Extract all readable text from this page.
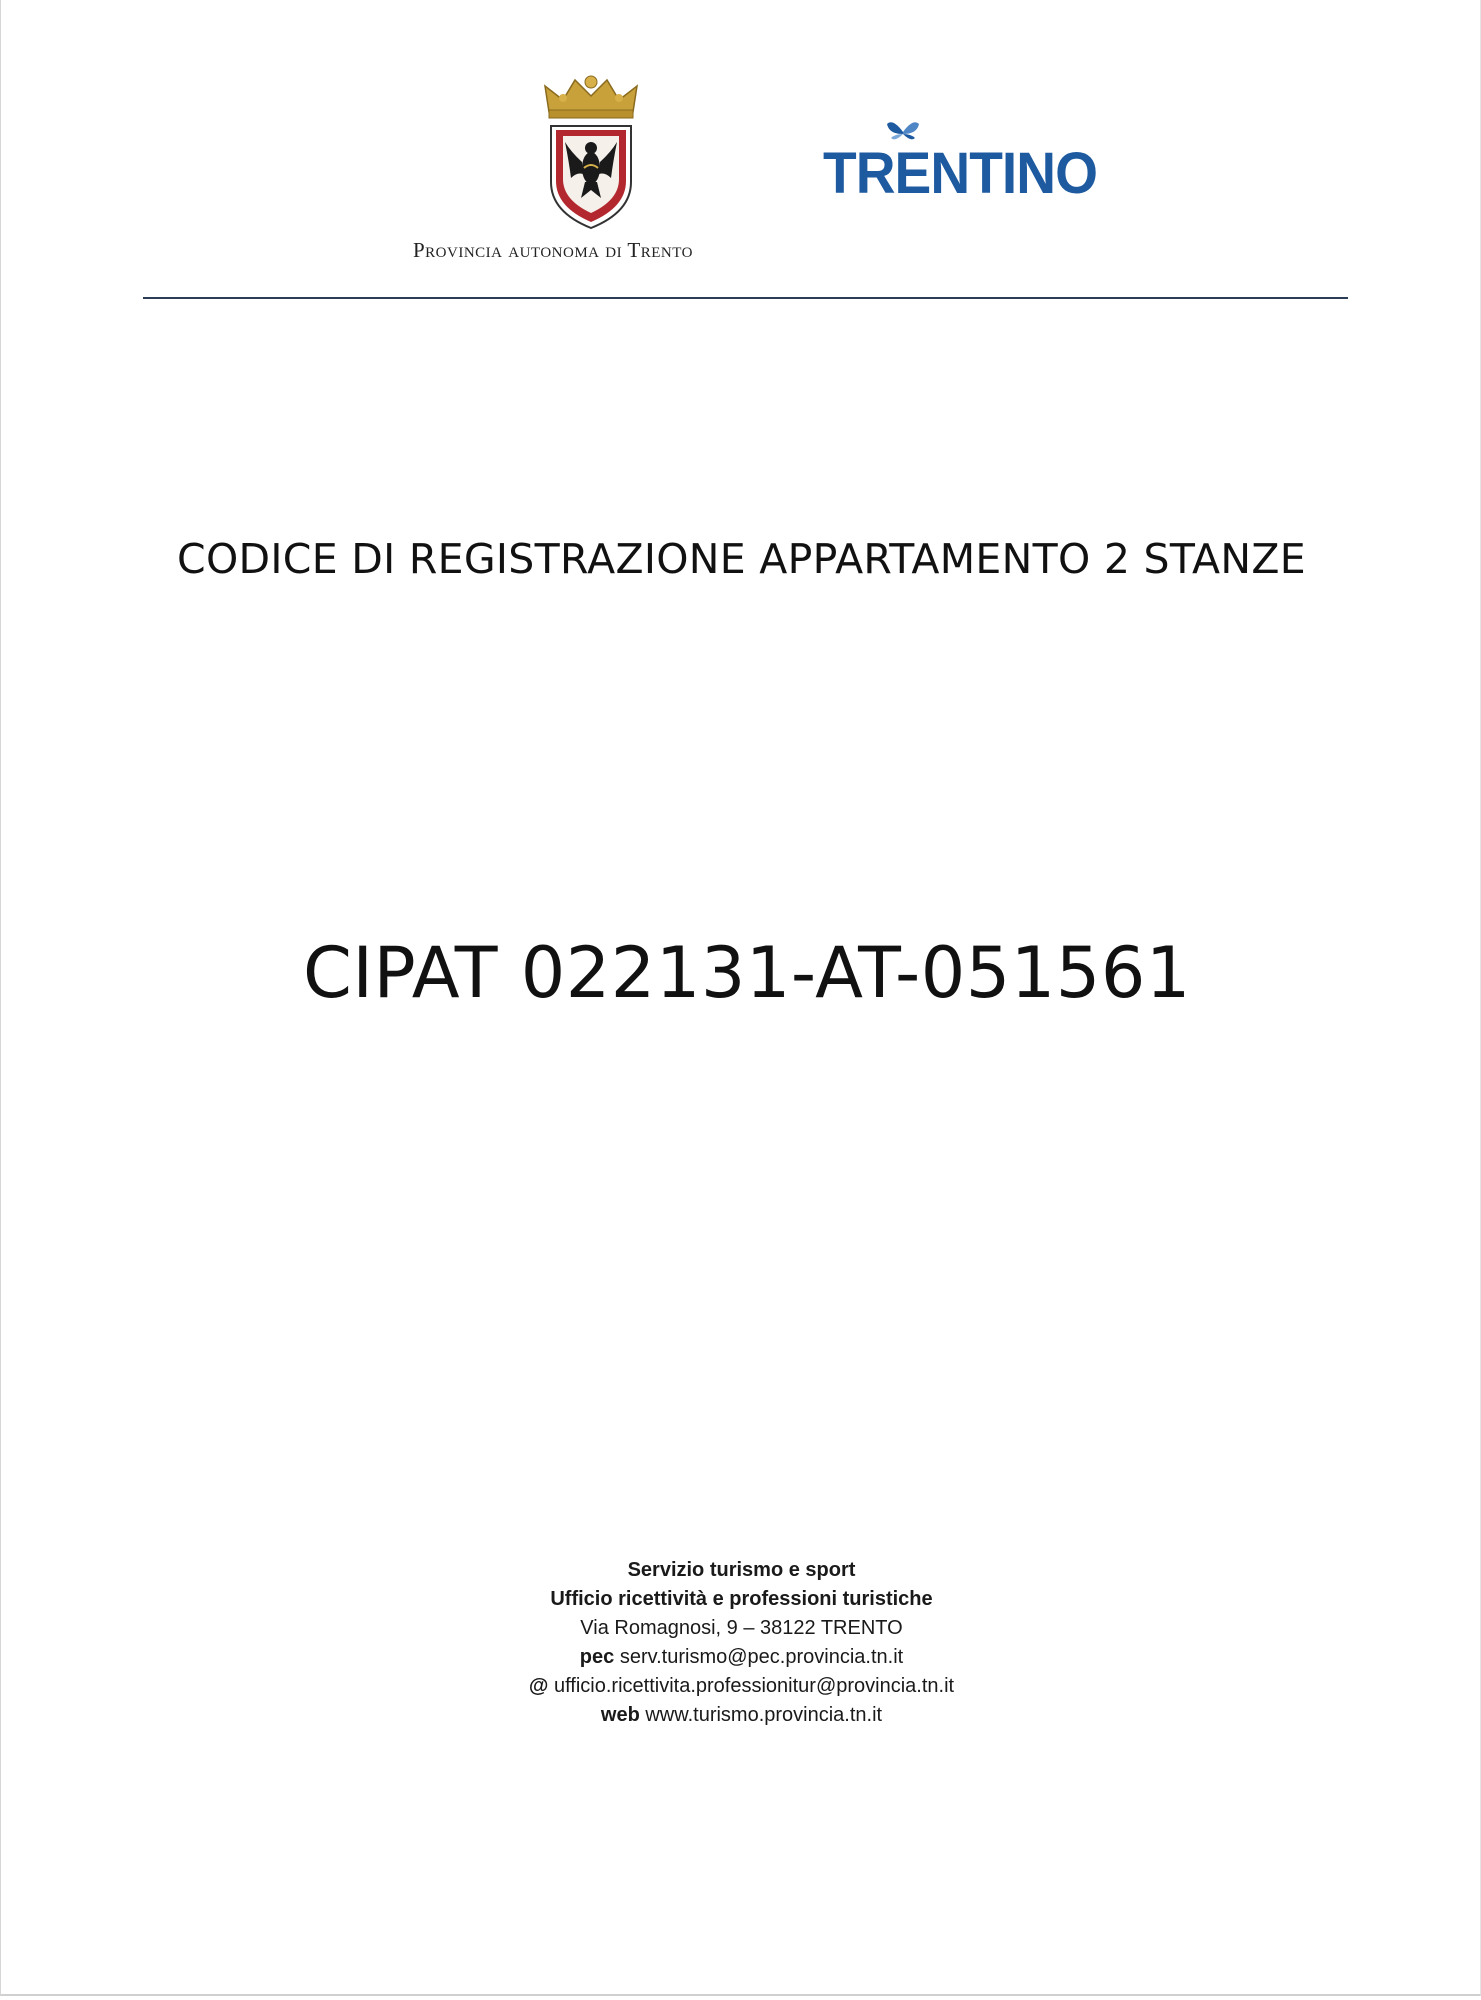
Provincia autonoma di Trento
TRENTINO
CODICE DI REGISTRAZIONE APPARTAMENTO 2 STANZE
CIPAT 022131-AT-051561
Servizio turismo e sport
Ufficio ricettività e professioni turistiche
Via Romagnosi, 9 – 38122 TRENTO
pec serv.turismo@pec.provincia.tn.it
@ ufficio.ricettivita.professionitur@provincia.tn.it
web www.turismo.provincia.tn.it
